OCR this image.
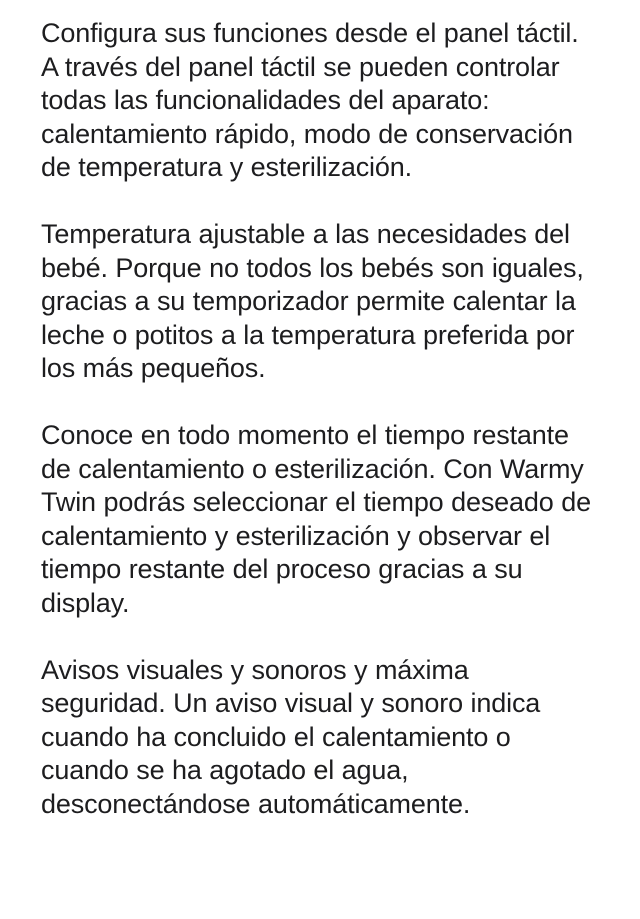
Configura sus funciones desde el panel táctil. A través del panel táctil se pueden controlar todas las funcionalidades del aparato: calentamiento rápido, modo de conservación de temperatura y esterilización.

Temperatura ajustable a las necesidades del bebé. Porque no todos los bebés son iguales, gracias a su temporizador permite calentar la leche o potitos a la temperatura preferida por los más pequeños.

Conoce en todo momento el tiempo restante de calentamiento o esterilización. Con Warmy Twin podrás seleccionar el tiempo deseado de calentamiento y esterilización y observar el tiempo restante del proceso gracias a su display.

Avisos visuales y sonoros y máxima seguridad. Un aviso visual y sonoro indica cuando ha concluido el calentamiento o cuando se ha agotado el agua, desconectándose automáticamente.
